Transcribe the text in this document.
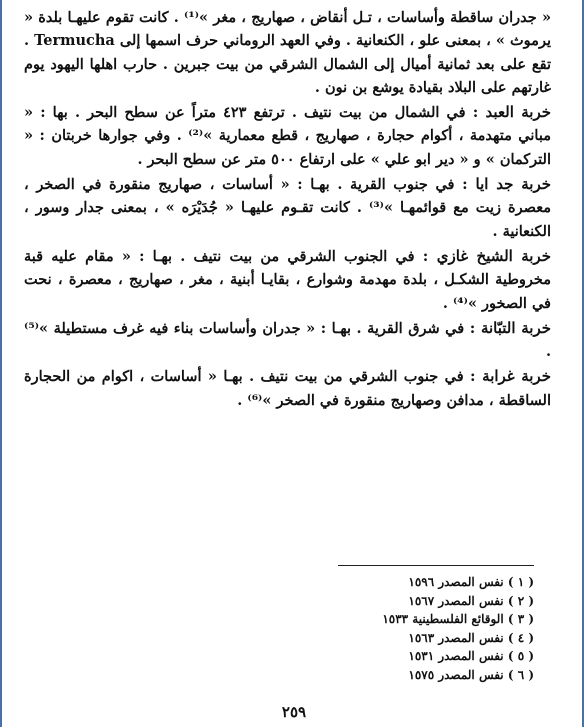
« جدران ساقطة وأساسات ، تـل أنقاض ، صهاريج ، مغر »⁽¹⁾ . كانت تقوم عليهـا بلدة « يرموث » ، بمعنى علو ، الكنعانية . وفي العهد الروماني حرف اسمها إلى Termucha . تقع على بعد ثمانية أميال إلى الشمال الشرقي من بيت جبرين . حارب اهلها اليهود يوم غارتهم على البلاد بقيادة يوشع بن نون .

خربة العبد : في الشمال من بيت نتيف . ترتفع ٤٢٣ متراً عن سطح البحر . بها : « مباني متهدمة ، أكوام حجارة ، صهاريج ، قطع معمارية »⁽²⁾ . وفي جوارها خربتان : « التركمان » و « دير ابو علي » على ارتفاع ٥٠٠ متر عن سطح البحر .

خربة جد ايا : في جنوب القرية . بهـا : « أساسات ، صهاريج منقورة في الصخر ، معصرة زيت مع قوائمهـا »⁽³⁾ . كانت تقـوم عليهـا « جُدَيْرَه » ، بمعنى جدار وسور ، الكنعانية .

خربة الشيخ غازي : في الجنوب الشرقي من بيت نتيف . بهـا : « مقام عليه قبة مخروطية الشكـل ، بلدة مهدمة وشوارع ، بقايـا أبنية ، مغر ، صهاريج ، معصرة ، نحت في الصخور »⁽⁴⁾ .

خربة التبّانة : في شرق القرية . بهـا : « جدران وأساسات بناء فيه غرف مستطيلة »⁽⁵⁾ .

خربة غرابة : في جنوب الشرقي من بيت نتيف . بهـا « أساسات ، اكوام من الحجارة الساقطة ، مدافن وصهاريج منقورة في الصخر »⁽⁶⁾ .

( ١ ) نفس المصدر ١٥٩٦
( ٢ ) نفس المصدر ١٥٦٧
( ٣ ) الوقائع الفلسطينية ١٥٣٣
( ٤ ) نفس المصدر ١٥٦٣
( ٥ ) نفس المصدر ١٥٣١
( ٦ ) نفس المصدر ١٥٧٥
٢٥٩
